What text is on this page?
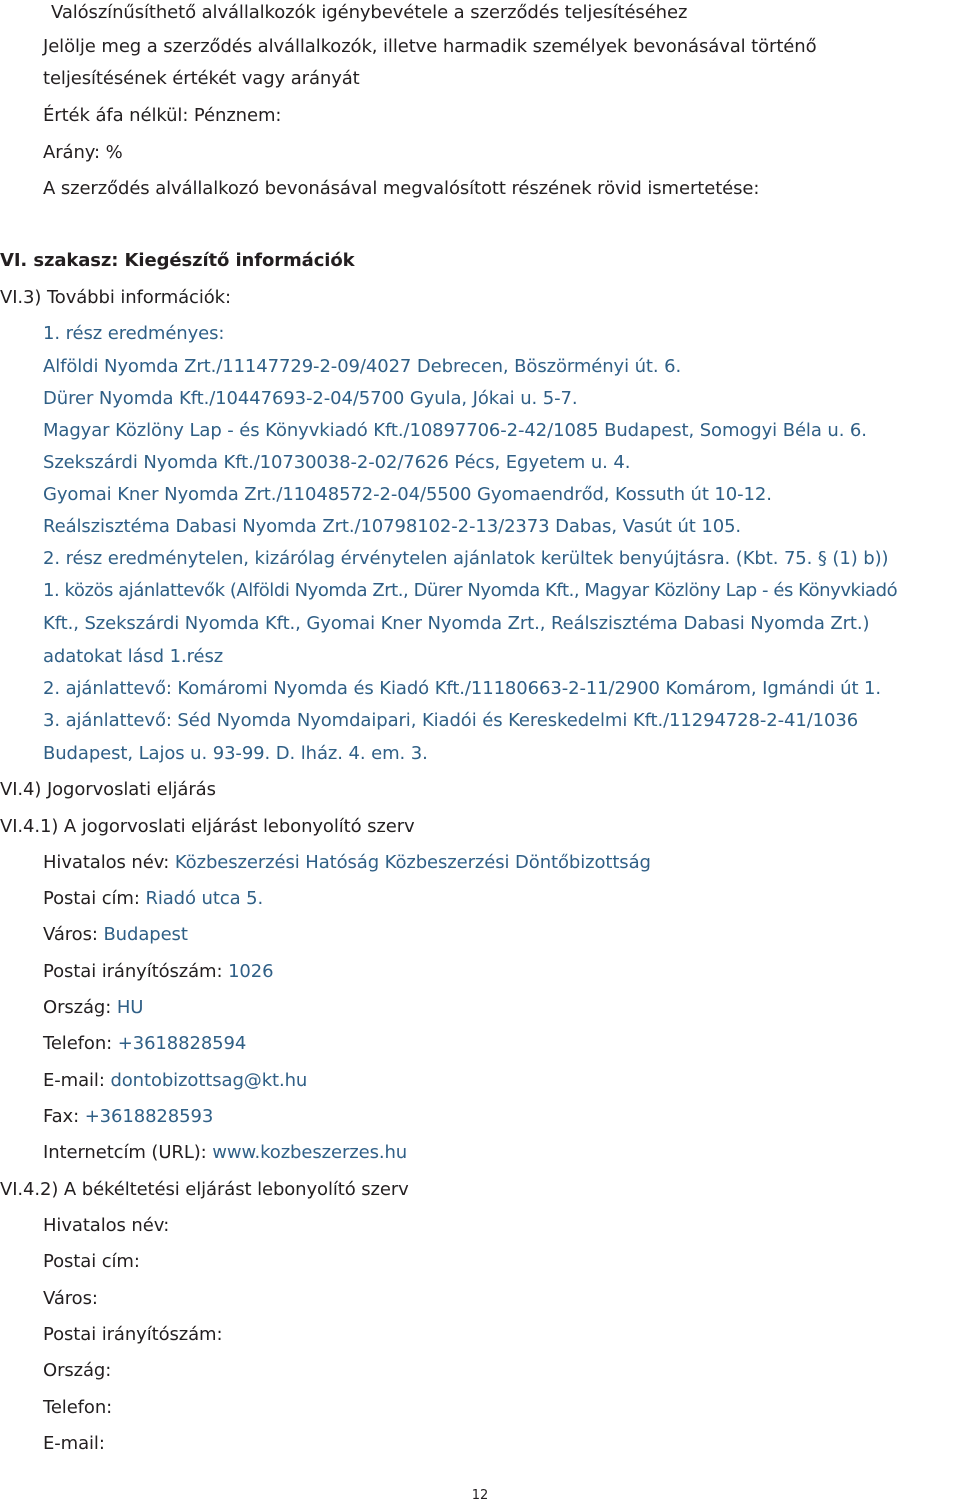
Valószínűsíthető alvállalkozók igénybevétele a szerződés teljesítéséhez
Jelölje meg a szerződés alvállalkozók, illetve harmadik személyek bevonásával történő
teljesítésének értékét vagy arányát
Érték áfa nélkül: Pénznem:
Arány: %
A szerződés alvállalkozó bevonásával megvalósított részének rövid ismertetése:
VI. szakasz: Kiegészítő információk
VI.3) További információk:
1. rész eredményes:
Alföldi Nyomda Zrt./11147729-2-09/4027 Debrecen, Böszörményi út. 6.
Dürer Nyomda Kft./10447693-2-04/5700 Gyula, Jókai u. 5-7.
Magyar Közlöny Lap - és Könyvkiadó Kft./10897706-2-42/1085 Budapest, Somogyi Béla u. 6.
Szekszárdi Nyomda Kft./10730038-2-02/7626 Pécs, Egyetem u. 4.
Gyomai Kner Nyomda Zrt./11048572-2-04/5500 Gyomaendrőd, Kossuth út 10-12.
Reálszisztéma Dabasi Nyomda Zrt./10798102-2-13/2373 Dabas, Vasút út 105.
2. rész eredménytelen, kizárólag érvénytelen ajánlatok kerültek benyújtásra. (Kbt. 75. § (1) b))
1. közös ajánlattevők (Alföldi Nyomda Zrt., Dürer Nyomda Kft., Magyar Közlöny Lap - és Könyvkiadó
Kft., Szekszárdi Nyomda Kft., Gyomai Kner Nyomda Zrt., Reálszisztéma Dabasi Nyomda Zrt.)
adatokat lásd 1.rész
2. ajánlattevő: Komáromi Nyomda és Kiadó Kft./11180663-2-11/2900 Komárom, Igmándi út 1.
3. ajánlattevő: Séd Nyomda Nyomdaipari, Kiadói és Kereskedelmi Kft./11294728-2-41/1036
Budapest, Lajos u. 93-99. D. lház. 4. em. 3.
VI.4) Jogorvoslati eljárás
VI.4.1) A jogorvoslati eljárást lebonyolító szerv
Hivatalos név: Közbeszerzési Hatóság Közbeszerzési Döntőbizottság
Postai cím: Riadó utca 5.
Város: Budapest
Postai irányítószám: 1026
Ország: HU
Telefon: +3618828594
E-mail: dontobizottsag@kt.hu
Fax: +3618828593
Internetcím (URL): www.kozbeszerzes.hu
VI.4.2) A békéltetési eljárást lebonyolító szerv
Hivatalos név:
Postai cím:
Város:
Postai irányítószám:
Ország:
Telefon:
E-mail:
12
